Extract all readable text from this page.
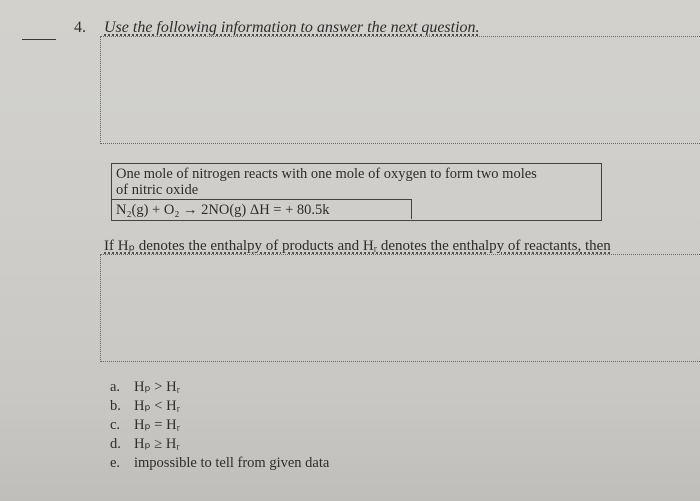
4. Use the following information to answer the next question.
One mole of nitrogen reacts with one mole of oxygen to form two moles
of nitric oxide
N₂(g) + O₂ → 2NO(g) ΔH = + 80.5k
If Hₚ denotes the enthalpy of products and Hᵣ denotes the enthalpy of reactants, then
a. Hₚ > Hᵣ
b. Hₚ < Hᵣ
c. Hₚ = Hᵣ
d. Hₚ ≥ Hᵣ
e. impossible to tell from given data
